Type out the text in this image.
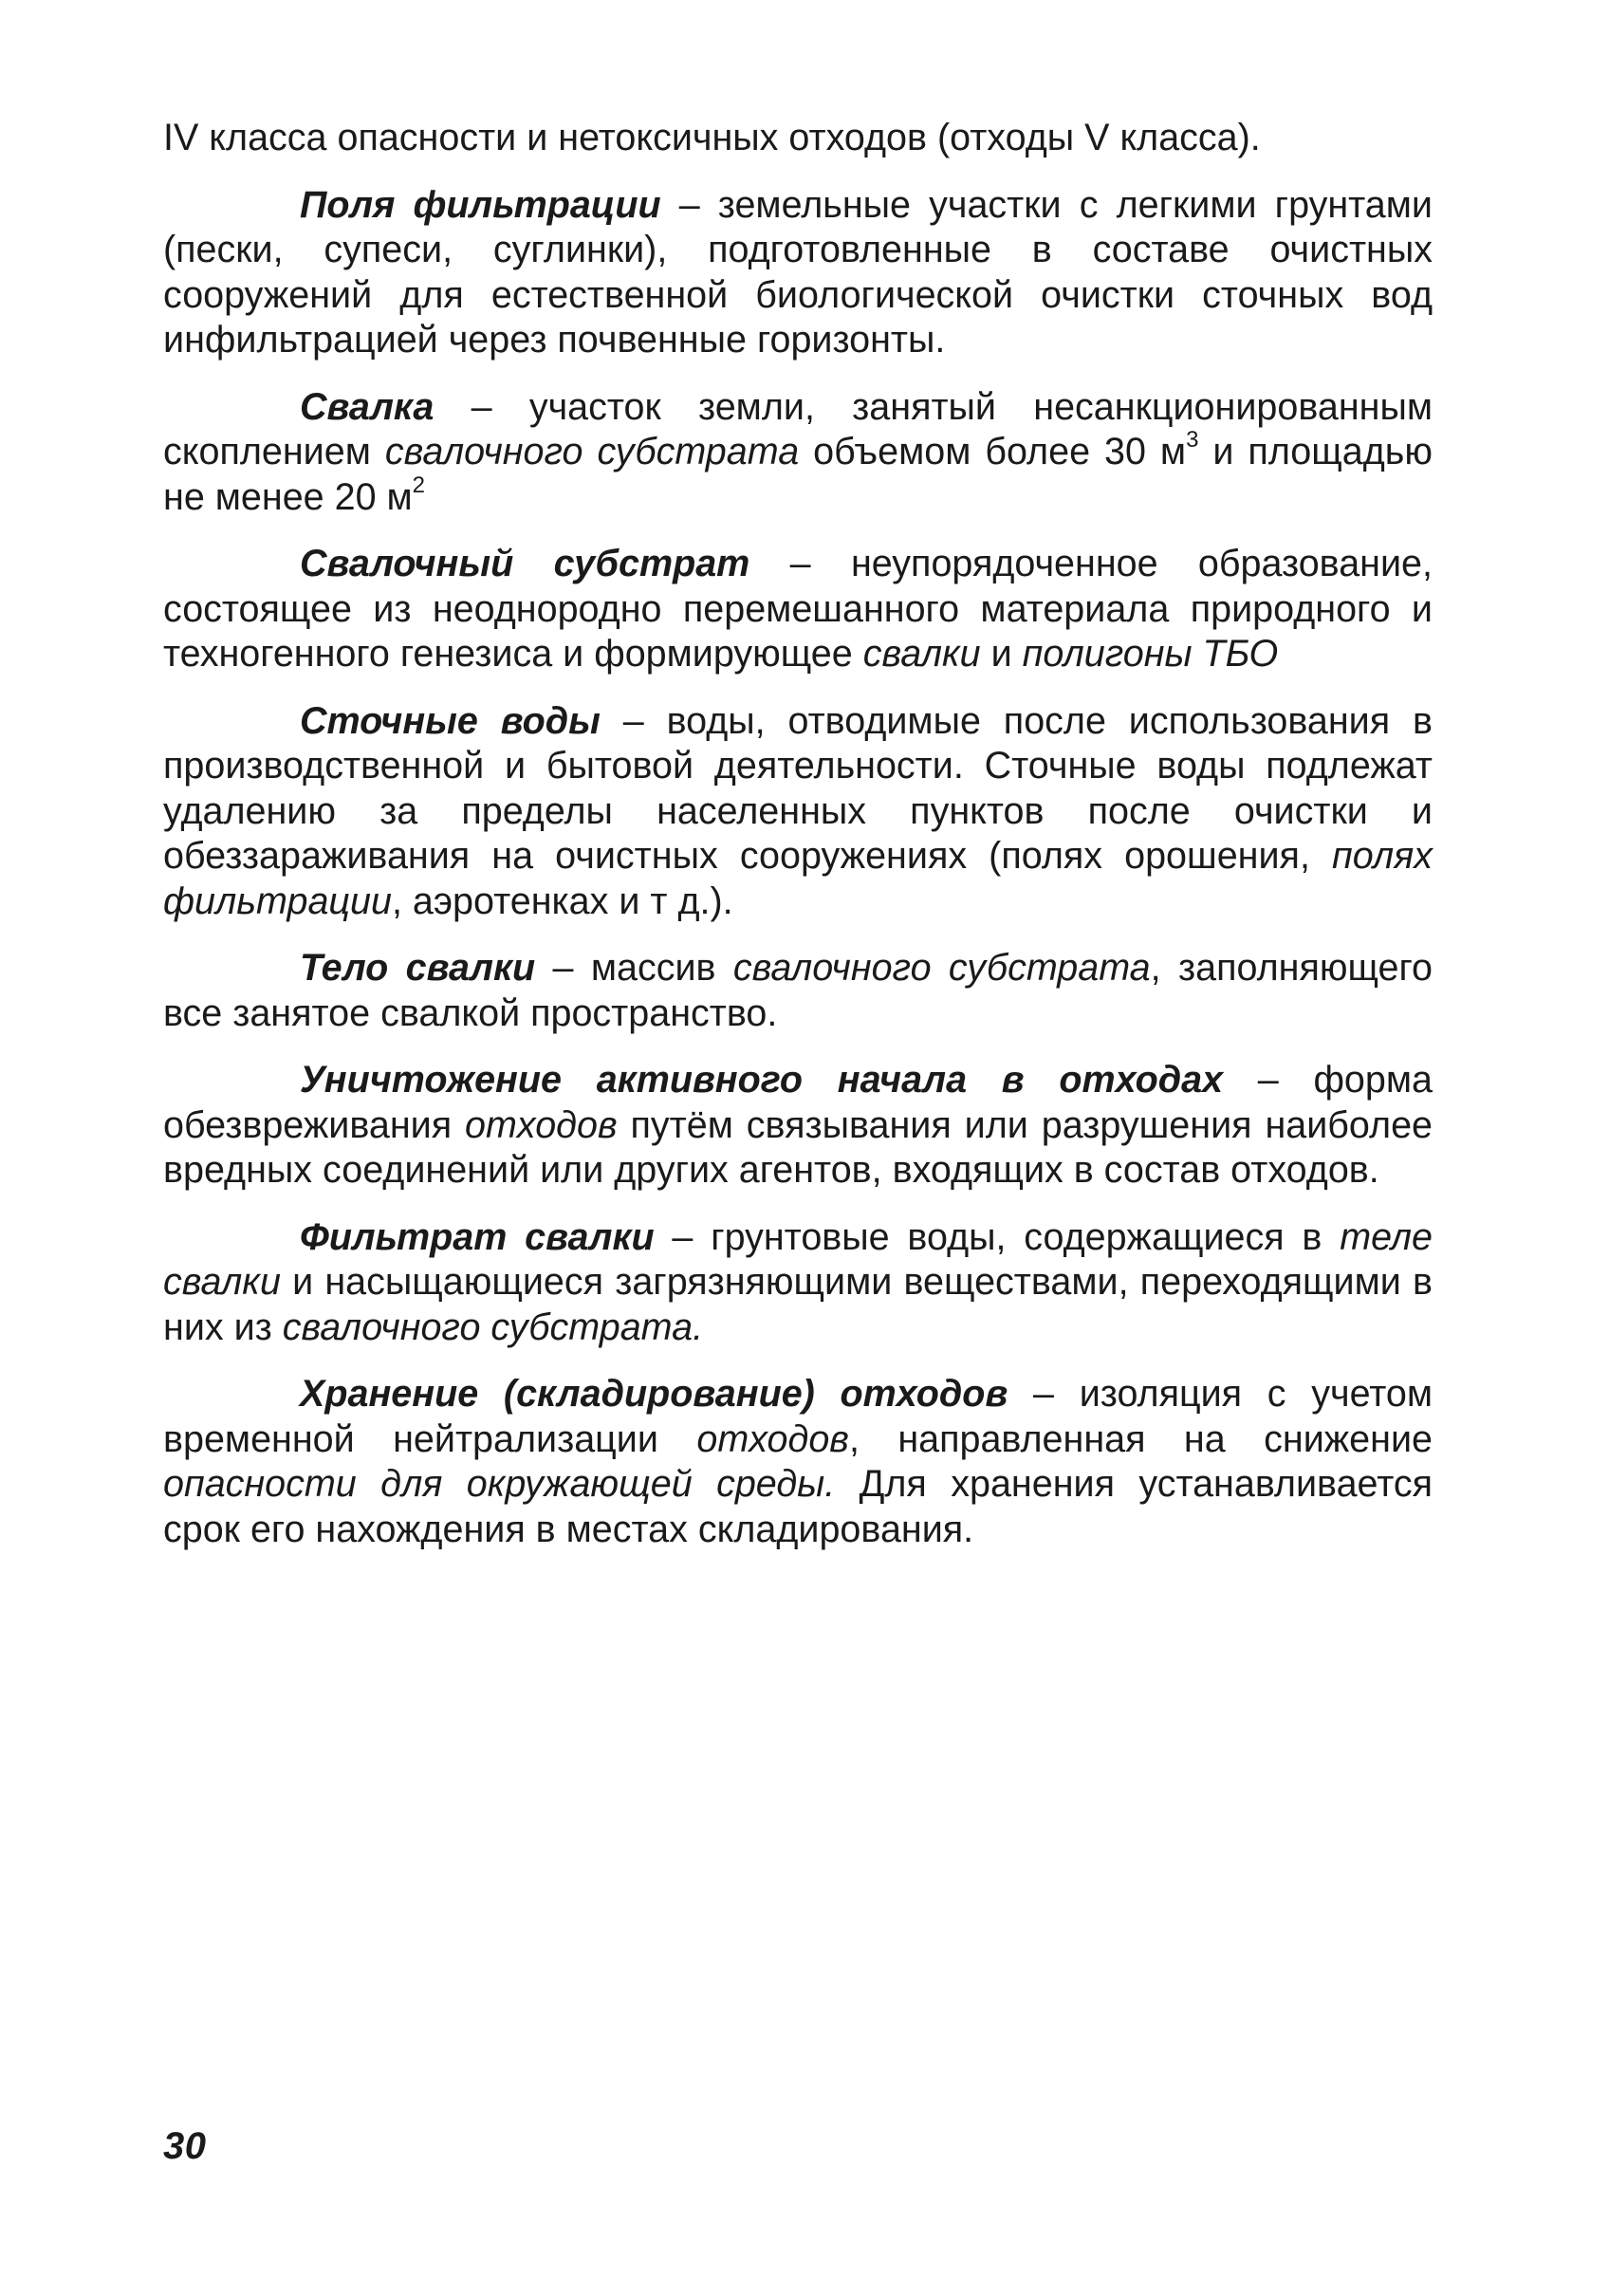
IV класса опасности и нетоксичных отходов (отходы V класса).

Поля фильтрации – земельные участки с легкими грунтами (пески, супеси, суглинки), подготовленные в составе очистных сооружений для естественной биологической очистки сточных вод инфильтрацией через почвенные горизонты.

Свалка – участок земли, занятый несанкционированным скоплением свалочного субстрата объемом более 30 $м^3$ и площадью не менее 20 $м^2$

Свалочный субстрат – неупорядоченное образование, состоящее из неоднородно перемешанного материала природного и техногенного генезиса и формирующее свалки и полигоны ТБО

Сточные воды – воды, отводимые после использования в производственной и бытовой деятельности. Сточные воды подлежат удалению за пределы населенных пунктов после очистки и обеззараживания на очистных сооружениях (полях орошения, полях фильтрации, аэротенках и т д.).

Тело свалки – массив свалочного субстрата, заполняющего все занятое свалкой пространство.

Уничтожение активного начала в отходах – форма обезвреживания отходов путём связывания или разрушения наиболее вредных соединений или других агентов, входящих в состав отходов.

Фильтрат свалки – грунтовые воды, содержащиеся в теле свалки и насыщающиеся загрязняющими веществами, переходящими в них из свалочного субстрата.

Хранение (складирование) отходов – изоляция с учетом временной нейтрализации отходов, направленная на снижение опасности для окружающей среды. Для хранения устанавливается срок его нахождения в местах складирования.

30
